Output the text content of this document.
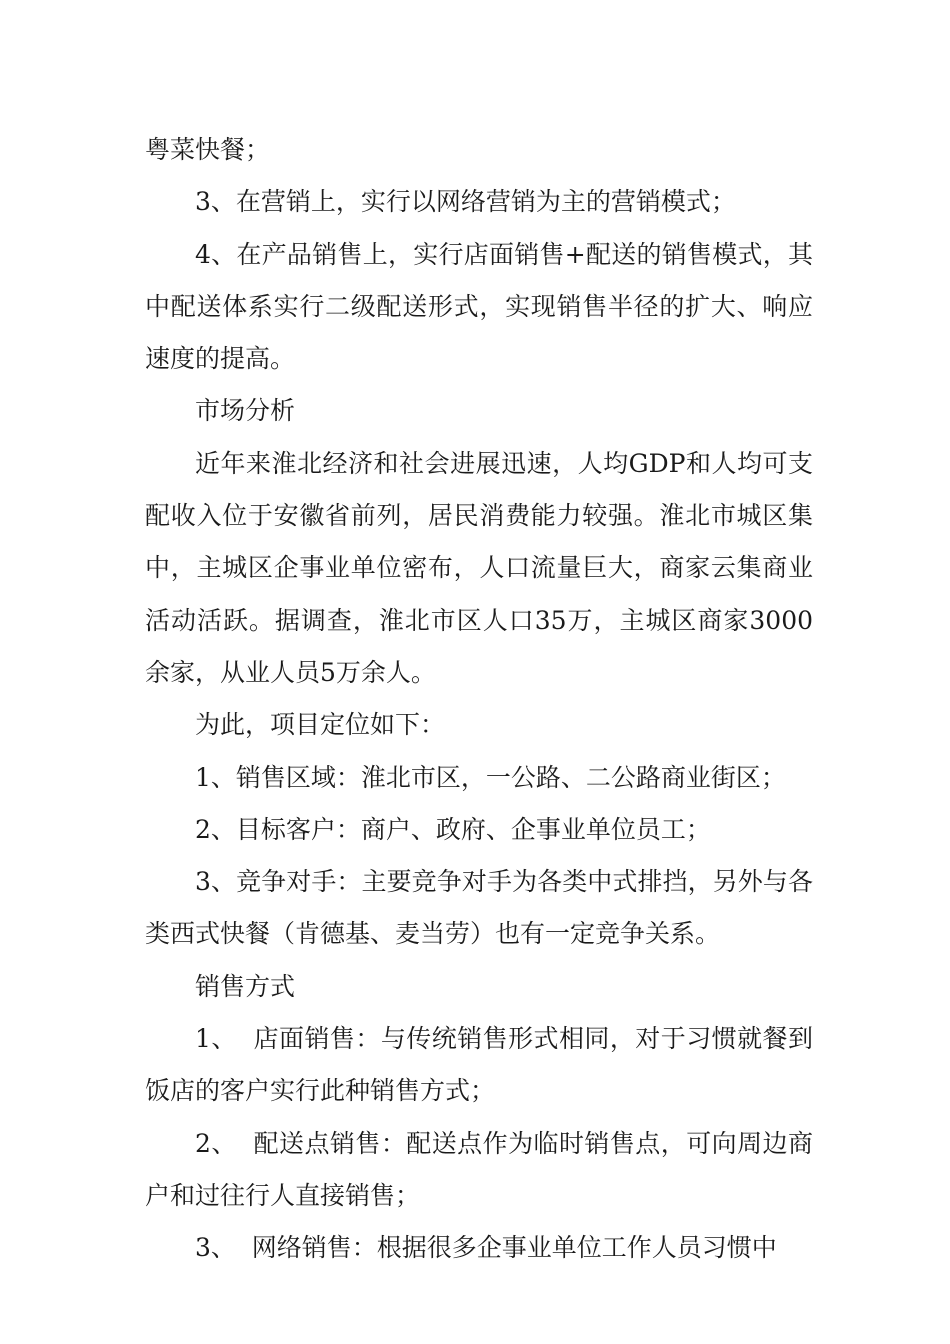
粤菜快餐；

3、在营销上，实行以网络营销为主的营销模式；

4、在产品销售上，实行店面销售+配送的销售模式，其中配送体系实行二级配送形式，实现销售半径的扩大、响应速度的提高。

市场分析

近年来淮北经济和社会进展迅速，人均GDP和人均可支配收入位于安徽省前列，居民消费能力较强。淮北市城区集中，主城区企事业单位密布，人口流量巨大，商家云集商业活动活跃。据调查，淮北市区人口35万，主城区商家3000余家，从业人员5万余人。

为此，项目定位如下：

1、销售区域：淮北市区，一公路、二公路商业街区；

2、目标客户：商户、政府、企事业单位员工；

3、竞争对手：主要竞争对手为各类中式排挡，另外与各类西式快餐（肯德基、麦当劳）也有一定竞争关系。

销售方式

1、  店面销售：与传统销售形式相同，对于习惯就餐到饭店的客户实行此种销售方式；

2、  配送点销售：配送点作为临时销售点，可向周边商户和过往行人直接销售；

3、  网络销售：根据很多企事业单位工作人员习惯中
